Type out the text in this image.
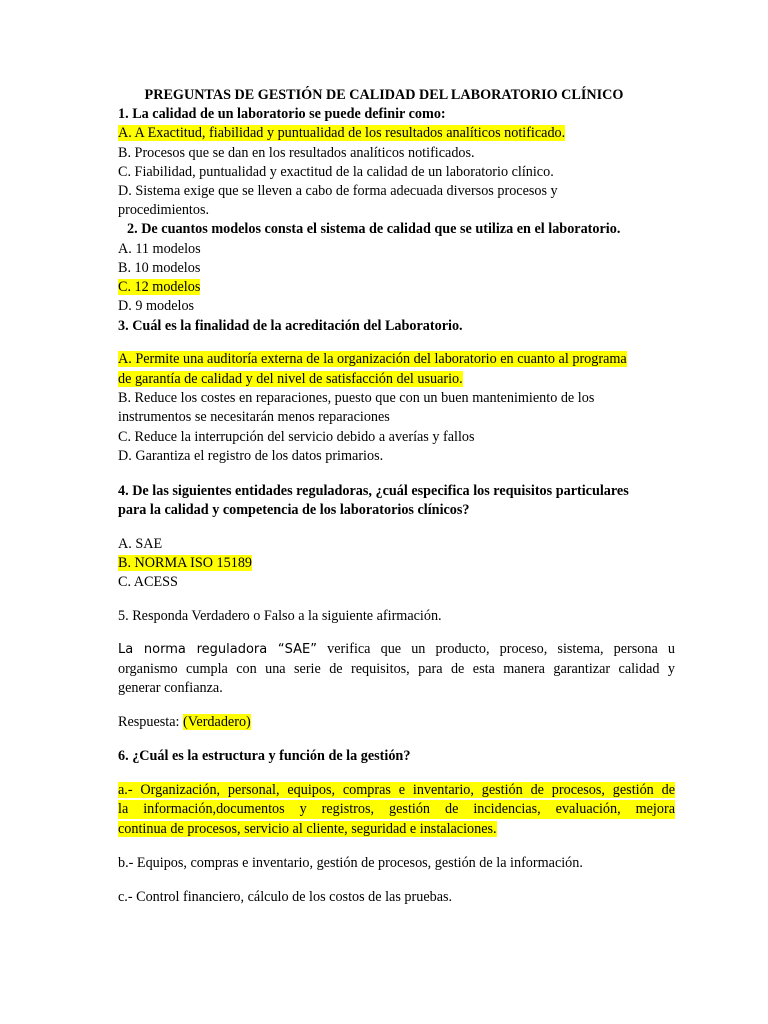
PREGUNTAS DE GESTIÓN DE CALIDAD DEL LABORATORIO CLÍNICO
1. La calidad de un laboratorio se puede definir como:
A. A Exactitud, fiabilidad y puntualidad de los resultados analíticos notificado.
B. Procesos que se dan en los resultados analíticos notificados.
C. Fiabilidad, puntualidad y exactitud de la calidad de un laboratorio clínico.
D. Sistema exige que se lleven a cabo de forma adecuada diversos procesos y
procedimientos.
2. De cuantos modelos consta el sistema de calidad que se utiliza en el laboratorio.
A. 11 modelos
B. 10 modelos
C. 12 modelos
D. 9 modelos
3. Cuál es la finalidad de la acreditación del Laboratorio.
A. Permite una auditoría externa de la organización del laboratorio en cuanto al programa
de garantía de calidad y del nivel de satisfacción del usuario.
B. Reduce los costes en reparaciones, puesto que con un buen mantenimiento de los
instrumentos se necesitarán menos reparaciones
C. Reduce la interrupción del servicio debido a averías y fallos
D. Garantiza el registro de los datos primarios.
4. De las siguientes entidades reguladoras, ¿cuál especifica los requisitos particulares
para la calidad y competencia de los laboratorios clínicos?
A. SAE
B. NORMA ISO 15189
C. ACESS
5. Responda Verdadero o Falso a la siguiente afirmación.
La norma reguladora “SAE” verifica que un producto, proceso, sistema, persona u
organismo cumpla con una serie de requisitos, para de esta manera garantizar calidad y
generar confianza.
Respuesta: (Verdadero)
6. ¿Cuál es la estructura y función de la gestión?
a.- Organización, personal, equipos, compras e inventario, gestión de procesos, gestión de
la información,documentos y registros, gestión de incidencias, evaluación, mejora
continua de procesos, servicio al cliente, seguridad e instalaciones.
b.- Equipos, compras e inventario, gestión de procesos, gestión de la información.
c.- Control financiero, cálculo de los costos de las pruebas.
